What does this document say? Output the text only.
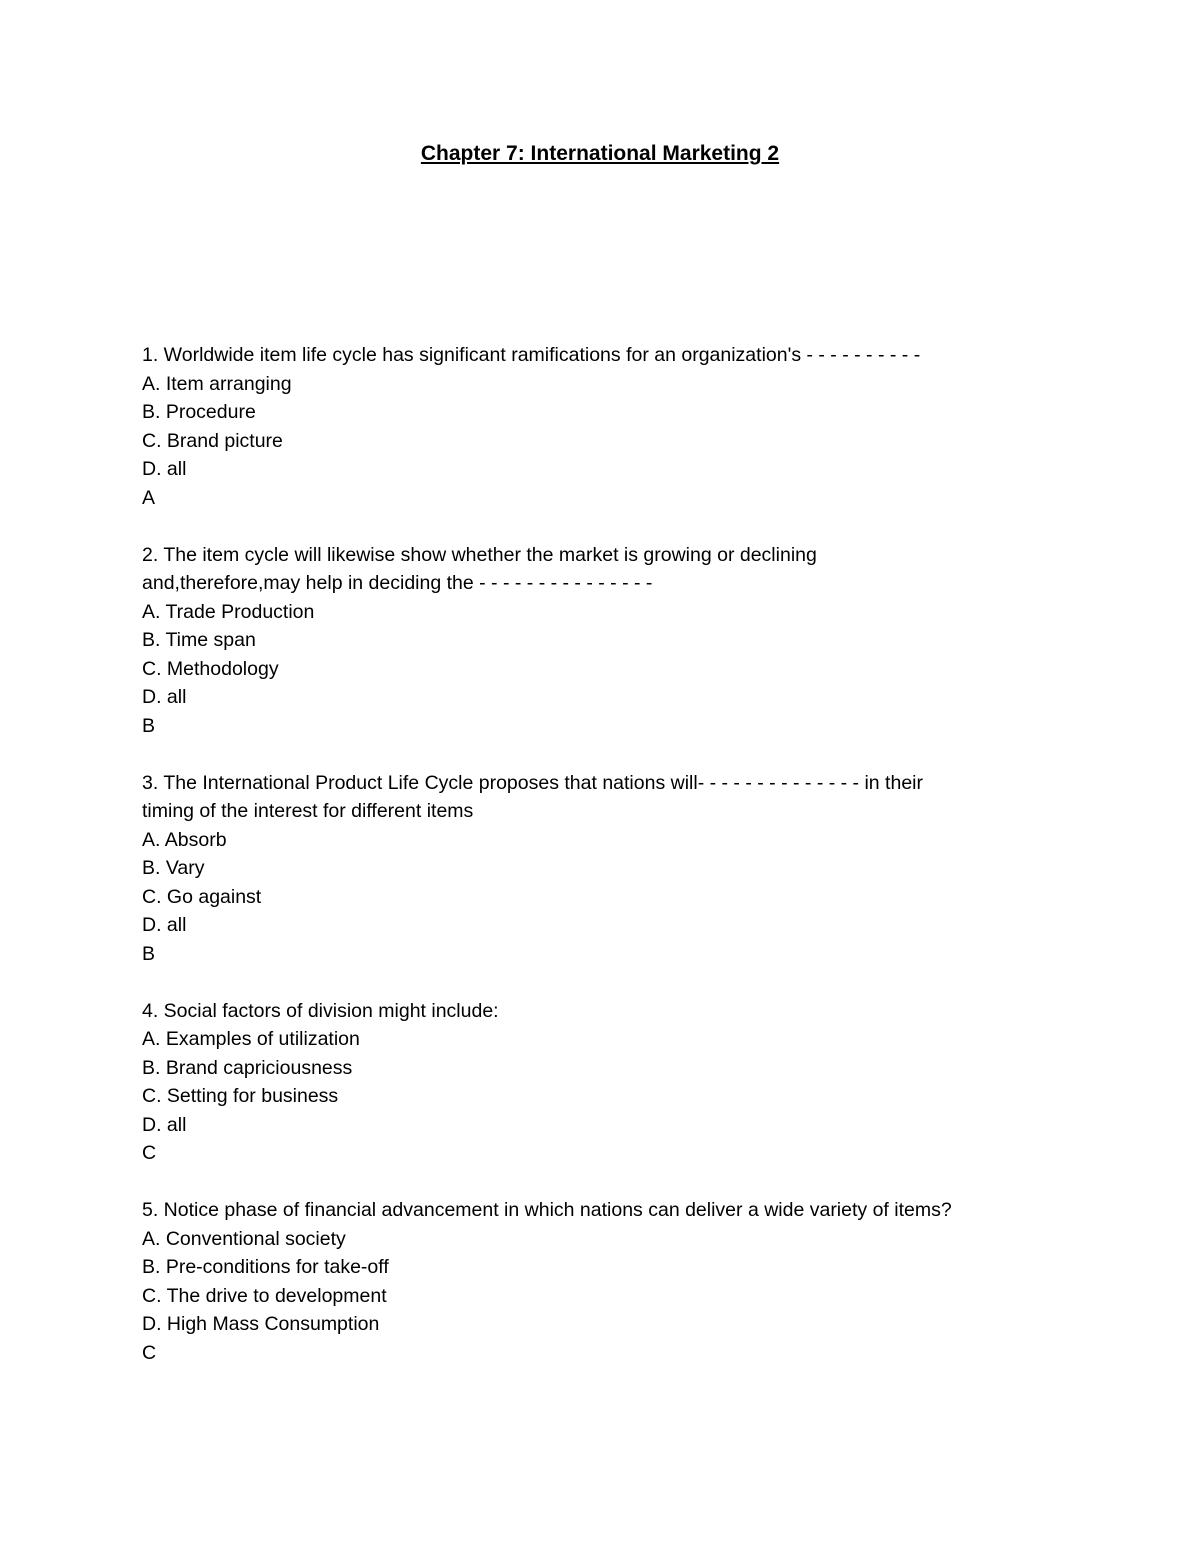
Chapter 7: International Marketing 2
1. Worldwide item life cycle has significant ramifications for an organization's - - - - - - - - - -
A. Item arranging
B. Procedure
C. Brand picture
D. all
A
2. The item cycle will likewise show whether the market is growing or declining
and,therefore,may help in deciding the - - - - - - - - - - - - - - -
A. Trade Production
B. Time span
C. Methodology
D. all
B
3. The International Product Life Cycle proposes that nations will- - - - - - - - - - - - - - in their
timing of the interest for different items
A. Absorb
B. Vary
C. Go against
D. all
B
4. Social factors of division might include:
A. Examples of utilization
B. Brand capriciousness
C. Setting for business
D. all
C
5. Notice phase of financial advancement in which nations can deliver a wide variety of items?
A. Conventional society
B. Pre-conditions for take-off
C. The drive to development
D. High Mass Consumption
C
